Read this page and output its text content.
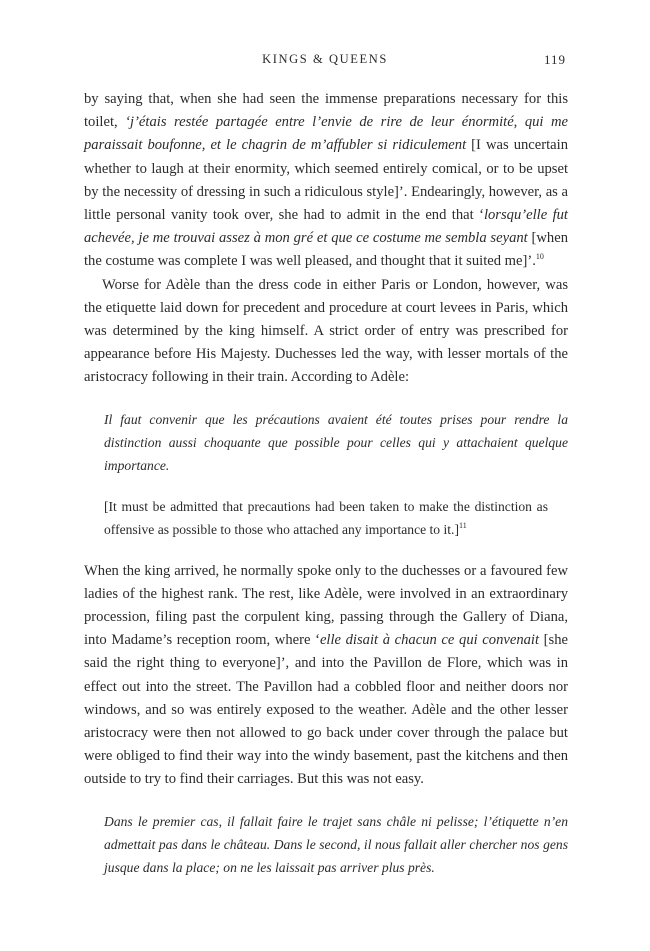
KINGS & QUEENS	119

by saying that, when she had seen the immense preparations necessary for this toilet, ‘j’étais restée partagée entre l’envie de rire de leur énormité, qui me paraissait boufonne, et le chagrin de m’affubler si ridiculement [I was uncertain whether to laugh at their enormity, which seemed entirely comical, or to be upset by the necessity of dressing in such a ridiculous style]’. Endearingly, however, as a little personal vanity took over, she had to admit in the end that ‘lorsqu’elle fut achevée, je me trouvai assez à mon gré et que ce costume me sembla seyant [when the costume was complete I was well pleased, and thought that it suited me]’.$^{10}$

Worse for Adèle than the dress code in either Paris or London, however, was the etiquette laid down for precedent and procedure at court levees in Paris, which was determined by the king himself. A strict order of entry was prescribed for appearance before His Majesty. Duchesses led the way, with lesser mortals of the aristocracy following in their train. According to Adèle:

Il faut convenir que les précautions avaient été toutes prises pour rendre la distinction aussi choquante que possible pour celles qui y attachaient quelque importance.
[It must be admitted that precautions had been taken to make the distinction as offensive as possible to those who attached any importance to it.]$^{11}$

When the king arrived, he normally spoke only to the duchesses or a favoured few ladies of the highest rank. The rest, like Adèle, were involved in an extraordinary procession, filing past the corpulent king, passing through the Gallery of Diana, into Madame’s reception room, where ‘elle disait à chacun ce qui convenait [she said the right thing to everyone]’, and into the Pavillon de Flore, which was in effect out into the street. The Pavillon had a cobbled floor and neither doors nor windows, and so was entirely exposed to the weather. Adèle and the other lesser aristocracy were then not allowed to go back under cover through the palace but were obliged to find their way into the windy basement, past the kitchens and then outside to try to find their carriages. But this was not easy.

Dans le premier cas, il fallait faire le trajet sans châle ni pelisse; l’étiquette n’en admettait pas dans le château. Dans le second, il nous fallait aller chercher nos gens jusque dans la place; on ne les laissait pas arriver plus près.
